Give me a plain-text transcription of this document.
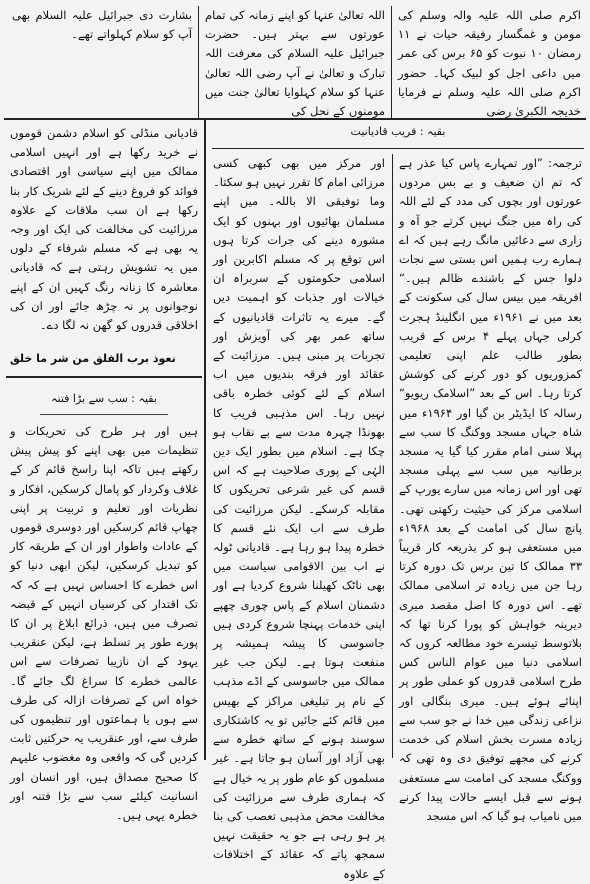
اکرم صلی اللہ علیہ والہ وسلم کی مومن و غمگسار رفیقہ حیات نے ۱۱ رمضان ۱۰ نبوت کو ۶۵ برس کی عمر میں داعی اجل کو لبیک کہا۔ حضور اکرم صلی اللہ علیہ وسلم نے فرمایا خدیجہ الکبریٰ رضی

اللہ تعالیٰ عنہا کو اپنے زمانہ کی تمام عورتوں سے بہتر ہیں۔ حضرت جبرائیل علیہ السلام کی معرفت اللہ تبارک و تعالیٰ نے آپ رضی اللہ تعالیٰ عنہا کو سلام کہلوایا تعالیٰ جنت میں مومنوں کے نحل کی

بشارت دی جبرائیل علیہ السلام بھی آپ کو سلام کہلواتے تھے۔

بقیہ : فریب قادیانیت

ترجمہ: ”اور تمہارے پاس کیا عذر ہے کہ تم ان ضعیف و بے بس مردوں عورتوں اور بچوں کی مدد کے لئے اللہ کی راہ میں جنگ نہیں کرتے جو آہ و زاری سے دعائیں مانگ رہے ہیں کہ اے ہمارے رب ہمیں اس بستی سے نجات دلوا جس کے باشندے ظالم ہیں۔“ افریقہ میں بیس سال کی سکونت کے بعد میں نے ۱۹۶۱ء میں انگلینڈ ہجرت کرلی جہاں پہلے ۴ برس کے قریب بطور طالب علم اپنی تعلیمی کمزوریوں کو دور کرنے کی کوشش کرتا رہا۔ اس کے بعد ”اسلامک ریویو“ رسالہ کا ایڈیٹر بن گیا اور ۱۹۶۴ء میں شاہ جہاں مسجد ووکنگ کا سب سے پہلا سنی امام مقرر کیا گیا یہ مسجد برطانیہ میں سب سے پہلی مسجد تھی اور اس زمانہ میں سارے یورپ کے اسلامی مرکز کی حیثیت رکھتی تھی۔ پانچ سال کی امامت کے بعد ۱۹۶۸ء میں مستعفی ہو کر بذریعہ کار قریباً ۳۳ ممالک کا تین برس تک دورہ کرتا رہا جن میں زیادہ تر اسلامی ممالک تھے۔ اس دورہ کا اصل مقصد میری دیرینہ خواہش کو پورا کرنا تھا کہ بلاتوسط تیسرے خود مطالعہ کروں کہ اسلامی دنیا میں عوام الناس کس طرح اسلامی قدروں کو عملی طور پر اپنائے ہوئے ہیں۔ میری بنگالی اور نزاعی زندگی میں خدا نے جو سب سے زیادہ مسرت بخش اسلام کی خدمت کرنے کی مجھے توفیق دی وہ تھی کہ ووکنگ مسجد کی امامت سے مستعفی ہونے سے قبل ایسے حالات پیدا کرنے میں نامیاب ہو گیا کہ اس مسجد

اور مرکز میں بھی کبھی کسی مرزائی امام کا تقرر نہیں ہو سکتا۔ وما توفیقی الا باللہ۔ میں اپنے مسلمان بھائیوں اور بہنوں کو ایک مشورہ دینے کی جرات کرتا ہوں اس توقع پر کہ مسلم اکابرین اور اسلامی حکومتوں کے سربراہ ان خیالات اور جذبات کو اہمیت دیں گے۔ میرے یہ تاثرات قادیانیوں کے ساتھ عمر بھر کی آویزش اور تجربات پر مبنی ہیں۔ مرزائیت کے عقائد اور فرقہ بندیوں میں اب اسلام کے لئے کوئی خطرہ باقی نہیں رہا۔ اس مذہبی فریب کا بھونڈا چہرہ مدت سے بے نقاب ہو چکا ہے۔ اسلام میں بطور ایک دین الہٰی کے پوری صلاحیت ہے کہ اس قسم کی غیر شرعی تحریکوں کا مقابلہ کرسکے۔ لیکن مرزائیت کی طرف سے اب ایک نئے قسم کا خطرہ پیدا ہو رہا ہے۔ قادیانی ٹولہ نے اب بین الاقوامی سیاست میں بھی ناٹک کھیلنا شروع کردیا ہے اور دشمنان اسلام کے پاس چوری چھپے اپنی خدمات پہنچا شروع کردی ہیں جاسوسی کا پیشہ ہمیشہ پر منفعت ہوتا ہے۔ لیکن جب غیر ممالک میں جاسوسی کے اڈے مذہب کے نام پر تبلیغی مراکز کے بھیس میں قائم کئے جائیں تو یہ کاشتکاری سوسند ہونے کے ساتھ خطرہ سے بھی آزاد اور آسان ہو جاتا ہے۔ غیر مسلموں کو عام طور پر یہ خیال ہے کہ ہماری طرف سے مرزائیت کی مخالفت محض مذہبی تعصب کی بنا پر ہو رہی ہے جو یہ حقیقت نہیں سمجھ پاتے کہ عقائد کے اختلافات کے علاوہ

قادیانی منڈلی کو اسلام دشمن قوموں نے خرید رکھا ہے اور انہیں اسلامی ممالک میں اپنے سیاسی اور اقتصادی فوائد کو فروغ دینے کے لئے شریک کار بنا رکھا ہے ان سب ملاقات کے علاوہ مرزائیت کی مخالفت کی ایک اور وجہ یہ بھی ہے کہ مسلم شرفاء کے دلوں میں یہ تشویش رہتی ہے کہ قادیانی معاشرہ کا زنانہ رنگ کہیں ان کے اپنے نوجوانوں پر نہ چڑھ جائے اور ان کی اخلاقی قدروں کو گھن نہ لگا دے۔

نعوذ برب الفلق من شر ما خلق
بقیہ : سب سے بڑا فتنہ

ہیں اور ہر طرح کی تحریکات و تنظیمات میں بھی اپنے کو پیش پیش رکھتے ہیں تاکہ اپنا راسخ قائم کر کے غلاف وکردار کو پامال کرسکیں، افکار و نظریات اور تعلیم و تربیت پر اپنی چھاپ قائم کرسکیں اور دوسری قوموں کے عادات واطوار اور ان کے طریقہ کار کو تبدیل کرسکیں، لیکن ابھی دنیا کو اس خطرے کا احساس نہیں ہے کہ کہ تک اقتدار کی کرسیاں انہیں کے قبضہ تصرف میں ہیں، ذرائع ابلاغ پر ان کا پورے طور پر تسلط ہے، لیکن عنقریب یہود کے ان نازیبا تصرفات سے اس عالمی خطرے کا سراغ لگ جائے گا۔ خواہ اس کے تصرفات ازالہ کی طرف سے ہوں یا ہماعتوں اور تنظیموں کی طرف سے، اور عنقریب یہ حرکتیں ثابت کردیں گی کہ واقعی وہ مغضوب علیہم کا صحیح مصداق ہیں، اور انسان اور انسانیت کیلئے سب سے بڑا فتنہ اور خطرہ یہی ہیں۔
